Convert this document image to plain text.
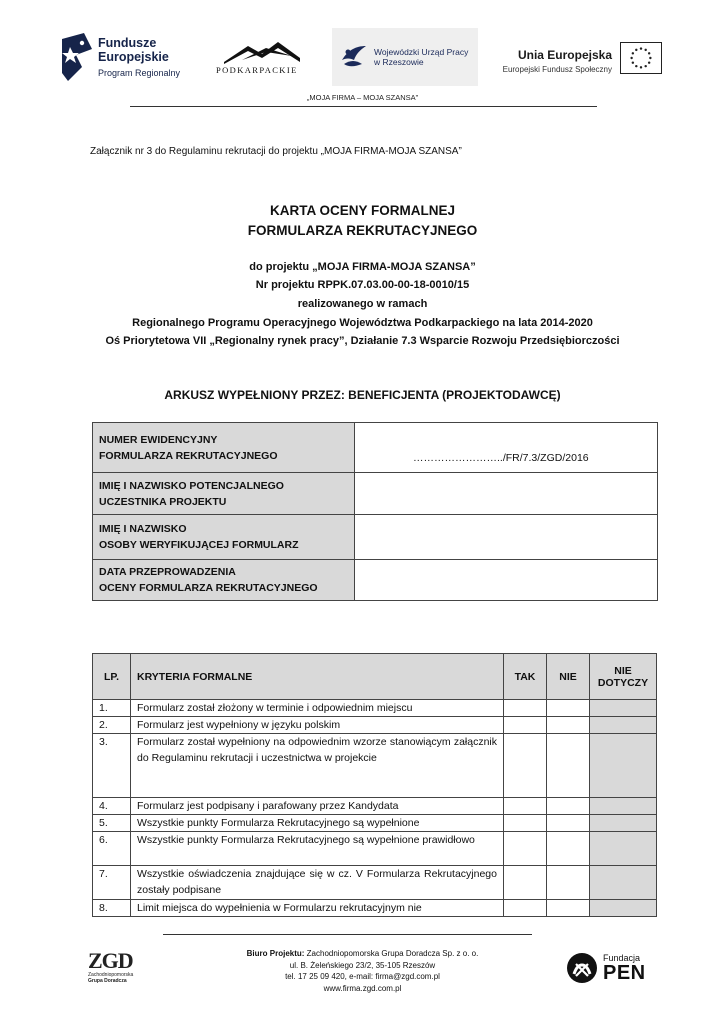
Fundusze
Europejskie
Program Regionalny	PODKARPACKIE
Wojewódzki Urząd Pracy
w Rzeszowie	Unia Europejska
Europejski Fundusz Społeczny
„MOJA FIRMA – MOJA SZANSA”
Załącznik nr 3 do Regulaminu rekrutacji do projektu „MOJA FIRMA-MOJA SZANSA”
KARTA OCENY FORMALNEJ
FORMULARZA REKRUTACYJNEGO
do projektu „MOJA FIRMA-MOJA SZANSA”
Nr projektu RPPK.07.03.00-00-18-0010/15
realizowanego w ramach
Regionalnego Programu Operacyjnego Województwa Podkarpackiego na lata 2014-2020
Oś Priorytetowa VII „Regionalny rynek pracy”, Działanie 7.3 Wsparcie Rozwoju Przedsiębiorczości
ARKUSZ WYPEŁNIONY PRZEZ: BENEFICJENTA (PROJEKTODAWCĘ)
NUMER EWIDENCYJNY
FORMULARZA REKRUTACYJNEGO	……………………../FR/7.3/ZGD/2016

IMIĘ I NAZWISKO POTENCJALNEGO
UCZESTNIKA PROJEKTU	
IMIĘ I NAZWISKO
OSOBY WERYFIKUJĄCEJ FORMULARZ	
DATA PRZEPROWADZENIA
OCENY FORMULARZA REKRUTACYJNEGO	
LP.	KRYTERIA FORMALNE	TAK	NIE	NIE
DOTYCZY
1.	Formularz został złożony w terminie i odpowiednim miejscu			
2.	Formularz jest wypełniony w języku polskim			
3.	Formularz został wypełniony na odpowiednim wzorze stanowiącym załącznik do Regulaminu rekrutacji i uczestnictwa w projekcie			
4.	Formularz jest podpisany i parafowany przez Kandydata			
5.	Wszystkie punkty Formularza Rekrutacyjnego są wypełnione			
6.	Wszystkie punkty Formularza Rekrutacyjnego są wypełnione prawidłowo			
7.	Wszystkie oświadczenia znajdujące się w cz. V Formularza Rekrutacyjnego zostały podpisane			
8.	Limit miejsca do wypełnienia w Formularzu rekrutacyjnym nie			
ZGD
Zachodniopomorska
Grupa Doradcza
Biuro Projektu: Zachodniopomorska Grupa Doradcza Sp. z o. o.
ul. B. Żeleńskiego 23/2, 35-105 Rzeszów
tel. 17 25 09 420, e-mail: firma@zgd.com.pl
www.firma.zgd.com.pl
Fundacja
PEN
